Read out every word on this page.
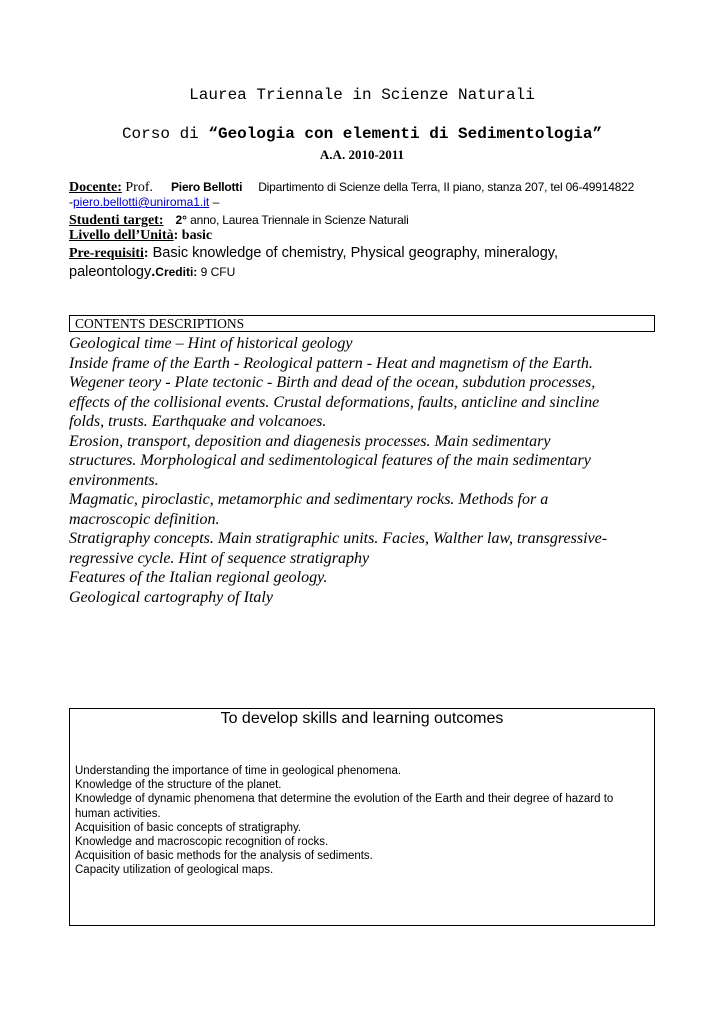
Laurea Triennale in Scienze Naturali
Corso di “Geologia con elementi di Sedimentologia”
A.A. 2010-2011
Docente: Prof. Piero Bellotti Dipartimento di Scienze della Terra, II piano, stanza 207, tel 06-49914822
-piero.bellotti@uniroma1.it –
Studenti target: 2° anno, Laurea Triennale in Scienze Naturali
Livello dell’Unità: basic
Pre-requisiti: Basic knowledge of chemistry, Physical geography, mineralogy,
paleontology.Crediti: 9 CFU
CONTENTS DESCRIPTIONS
Geological time – Hint of historical geology
Inside frame of the Earth - Reological pattern - Heat and magnetism of the Earth.
Wegener teory - Plate tectonic - Birth and dead of the ocean, subdution processes,
effects of the collisional events. Crustal deformations, faults, anticline and sincline
folds, trusts. Earthquake and volcanoes.
Erosion, transport, deposition and diagenesis processes. Main sedimentary
structures. Morphological and sedimentological features of the main sedimentary
environments.
Magmatic, piroclastic, metamorphic and sedimentary rocks. Methods for a
macroscopic definition.
Stratigraphy concepts. Main stratigraphic units. Facies, Walther law, transgressive-
regressive cycle. Hint of sequence stratigraphy
Features of the Italian regional geology.
Geological cartography of Italy
To develop skills and learning outcomes
Understanding the importance of time in geological phenomena.
Knowledge of the structure of the planet.
Knowledge of dynamic phenomena that determine the evolution of the Earth and their degree of hazard to
human activities.
Acquisition of basic concepts of stratigraphy.
Knowledge and macroscopic recognition of rocks.
Acquisition of basic methods for the analysis of sediments.
Capacity utilization of geological maps.
